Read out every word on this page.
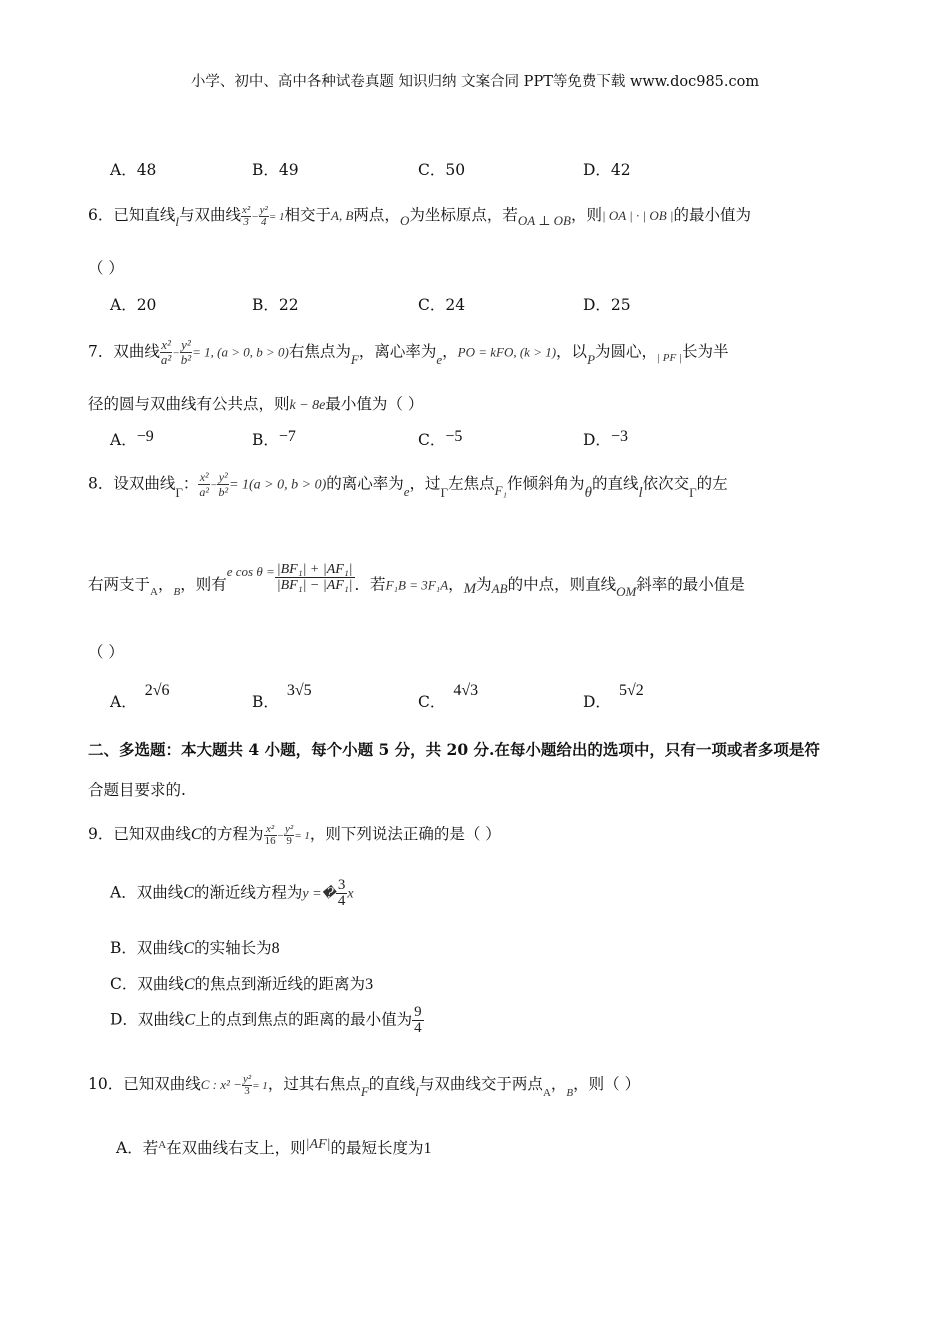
小学、初中、高中各种试卷真题 知识归纳 文案合同 PPT等免费下载 www.doc985.com
A．48	B．49	C．50	D．42
6．已知直线$_l$与双曲线 $\frac{\text{x²}}{3} - \frac{\text{y²}}{4} = 1$相交于A, B两点，$_O$为坐标原点，若$_{OA \perp OB}$，则| OA | · | OB |的最小值为
（ ）
A．20	B．22	C．24	D．25
7．双曲线 $\frac{\text{x²}}{\text{a²}} - \frac{\text{y²}}{\text{b²}} = 1$, (a > 0, b > 0)右焦点为$_F$，离心率为$_e$，PO = kFO, (k > 1)，以$_P$为圆心，$_{| PF |}$长为半
径的圆与双曲线有公共点，则k − 8e最小值为（ ）
A．−9	B．−7	C．−5	D．−3
8．设双曲线$_\Gamma$： $\frac{\text{x²}}{\text{a²}} - \frac{\text{y²}}{\text{b²}} = 1(a > 0$, b > 0)的离心率为$_e$，过$_\Gamma$左焦点$_{F_1}$作倾斜角为θ的直线l依次交$_\Gamma$的左
右两支于$_A$，$_B$，则有$^{e cos \theta =} \frac{\text{|BF₁| + |AF₁|}}{\text{|BF₁| − |AF₁|}}$ ．若F₁B = 3F₁A，M为AB的中点，则直线$_{OM}$斜率的最小值是
（ ）
A．2√6
B．3√5
C．4√3
D．5√2
二、多选题：本大题共 4 小题，每个小题 5 分，共 20 分.在每小题给出的选项中，只有一项或者多项是符
合题目要求的.
9．已知双曲线C的方程为 $\frac{\text{x²}}{16} - \frac{\text{y²}}{9} = 1$，则下列说法正确的是（ ）
A．双曲线C的渐近线方程为y =� $\frac{3}{4}$ x
B．双曲线C的实轴长为8
C．双曲线C的焦点到渐近线的距离为3
D．双曲线C上的点到焦点的距离的最小值为 $\frac{9}{4}$
10．已知双曲线C : $x^2 - \frac{\text{y²}}{3} = 1$，过其右焦点$_F$的直线$_l$与双曲线交于两点$_A$，$_B$，则（ ）
A．若$^A$在双曲线右支上，则|AF|的最短长度为1
